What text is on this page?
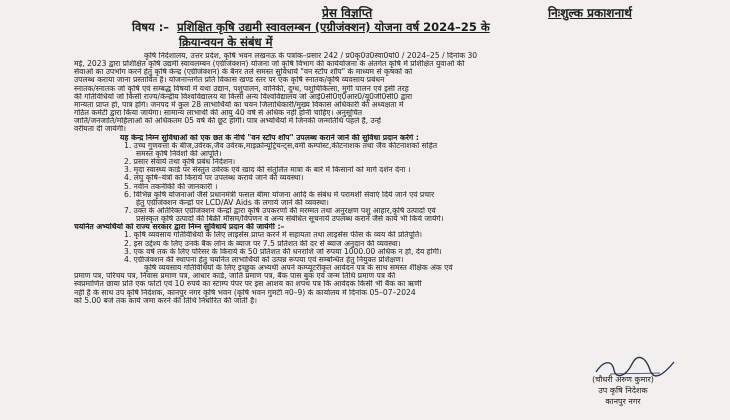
प्रेस विज्ञप्ति	निःशुल्क प्रकाशनार्थ
विषय :– प्रशिक्षित कृषि उद्यमी स्वावलम्बन (एग्रीजंक्शन) योजना वर्ष 2024–25 के
क्रियान्वयन के संबंध में
कृषि निदेशालय, उत्तर प्रदेश, कृषि भवन लखनऊ के पत्रांक–प्रसार 242 / प्र0कृ0उ0स्वा0यो0 / 2024–25 / दिनांक 30
मई, 2023 द्वारा प्रशिक्षित कृषि उद्यमी स्वावलम्बन (एग्रीजंक्शन) योजना जो कृषि विभाग की कार्ययोजना के अंतर्गत कृषि में प्रशिक्षित युवाओं की
सेवाओं का उपभोग करने हेतु कृषि केन्द्र (एग्रीजंक्शन) के बैनर तले समस्त सुविधायें "वन स्टॉप शॉप" के माध्यम से कृषकों को
उपलब्ध कराया जाना प्रस्तावित है। योजनान्तर्गत प्रति विकास खण्ड स्तर पर एक कृषि स्नातक/कृषि व्यवसाय प्रबंधन
स्नातक/स्नातक जो कृषि एवं सम्बद्ध विषयों में यथा उद्यान, पशुपालन, वानिकी, दुग्ध, पशुचिकित्सा, मुर्गी पालन एवं इसी तरह
की गतिविधियों जो किसी राज्य/केन्द्रीय विश्वविद्यालय या किसी अन्य विश्वविद्यालय जो आई0सी0ए0आर0/यू0जी0सी0 द्वारा
मान्यता प्राप्त हो, पात्र होंगे। जनपद में कुल 28 लाभार्थियों का चयन जिलाधिकारी/मुख्य विकास अधिकारी की अध्यक्षता में
गठित कमेटी द्वारा किया जायेगा। सामान्य लाभार्थी की आयु 40 वर्ष से अधिक नहीं होनी चाहिए। अनुसूचित
जाति/जनजाति/महिलाओं को अधिकतम 05 वर्ष की छूट होगी। पात्र अभ्यर्थियों में जिनकी जन्मतिथि पहले है, उन्हें
वरीयता दी जायेगी।
यह केन्द्र निम्न सुविधाओं को एक छत के नीचे "वन स्टॉप शॉप" उपलब्ध कराने जाने की सुविधा प्रदान करेंगे :
1. उच्च गुणवत्ता के बीज,उर्वरक,जैव उर्वरक,माइक्रोन्यूट्रियन्ट्स,वर्मी कम्पोस्ट,कीटनाशक तथा जैव कीटनाशकों सहित
समस्त कृषि निवेशों की आपूर्ति।
2. प्रसार सेवायें तथा कृषि प्रबंध निर्देशन।
3. मृदा स्वास्थ्य कार्ड पर संस्तुत उर्वरक एवं खाद की संतुलित मात्रा के बारे में किसानों को मार्ग दर्शन देना ।
4. लघु कृषि–यंत्रों को किराये पर उपलब्ध कराये जाने की व्यवस्था।
5. नवीन तकनीकी की जानकारी ।
6. विभिन्न कृषि योजनाओं जैसे प्रधानमंत्री फसल बीमा योजना आदि के संबंध में परामर्शी सेवाएं दिये जाने एवं प्रचार
हेतु एग्रीजंक्शन केन्द्रों पर LCD/AV Aids के लगाये जाने की व्यवस्था।
7. उक्त के अतिरिक्त एग्रीजंक्शन केन्द्रों द्वारा कृषि उपकरणों की मरम्मत तथा अनुरक्षण पशु आहार,कृषि उत्पादों एवं
प्रसंस्कृत कृषि उत्पादों की बिक्री मौसम/विपणन व अन्य संबंधित सूचनायें उपलब्ध कराने जैसे कार्य भी किये जायेंगे।
चयनित अभ्यर्थियों को राज्य सरकार द्वारा निम्न सुविधायें प्रदान की जायेंगी :–
1. कृषि व्यवसाय गतिविधियों के लिए लाइसेंस प्राप्त करने में सहायता तथा लाइसेंस फीस के व्यय की प्रतिपूर्ति।
2. इस उद्देश्य के लिए उनके बैंक लोन के ब्याज पर 7.5 प्रतिशत की दर से ब्याज अनुदान की व्यवस्था।
3. एक वर्ष तक के लिए परिसर के किराये के 50 प्रतिशत की धनराशि जो रुपया 1000.00 अधिक न हो, देय होगी।
4. एग्रीजंक्शन की स्थापना हेतु चयनित लाभार्थियों को उत्पन्न रूपया एवं सम्बन्धित हेतु नियुक्त प्रशिक्षण।
कृषि व्यवसाय गतिविधियों के लिए इच्छुक अभ्यर्थी अपने कम्प्यूटरीकृत आवेदन पत्र के साथ समस्त शैक्षिक अंक एवं
प्रमाण पत्र, परिचय पत्र, निवास प्रमाण पत्र, आधार कार्ड, जाति प्रमाण पत्र, बैंक पास बुक एवं जन्म तिथि प्रमाण पत्र की
स्वप्रमाणित छाया प्रति एक फोटो एवं 10 रुपये का स्टाम्प पेपर पर इस आशय का शपथ पत्र कि आवेदक किसी भी बैंक का ऋणी
नहीं है के साथ उप कृषि निदेशक, कानपुर नगर कृषि भवन (कृषि भवन गुमटी न0–9) के कार्यालय में दिनांक 05–07–2024
को 5.00 बजे तक कार्य जमा करने की तिथि निर्धारित की जाती है।
(चौधरी अरुण कुमार)
उप कृषि निदेशक
कानपुर नगर
